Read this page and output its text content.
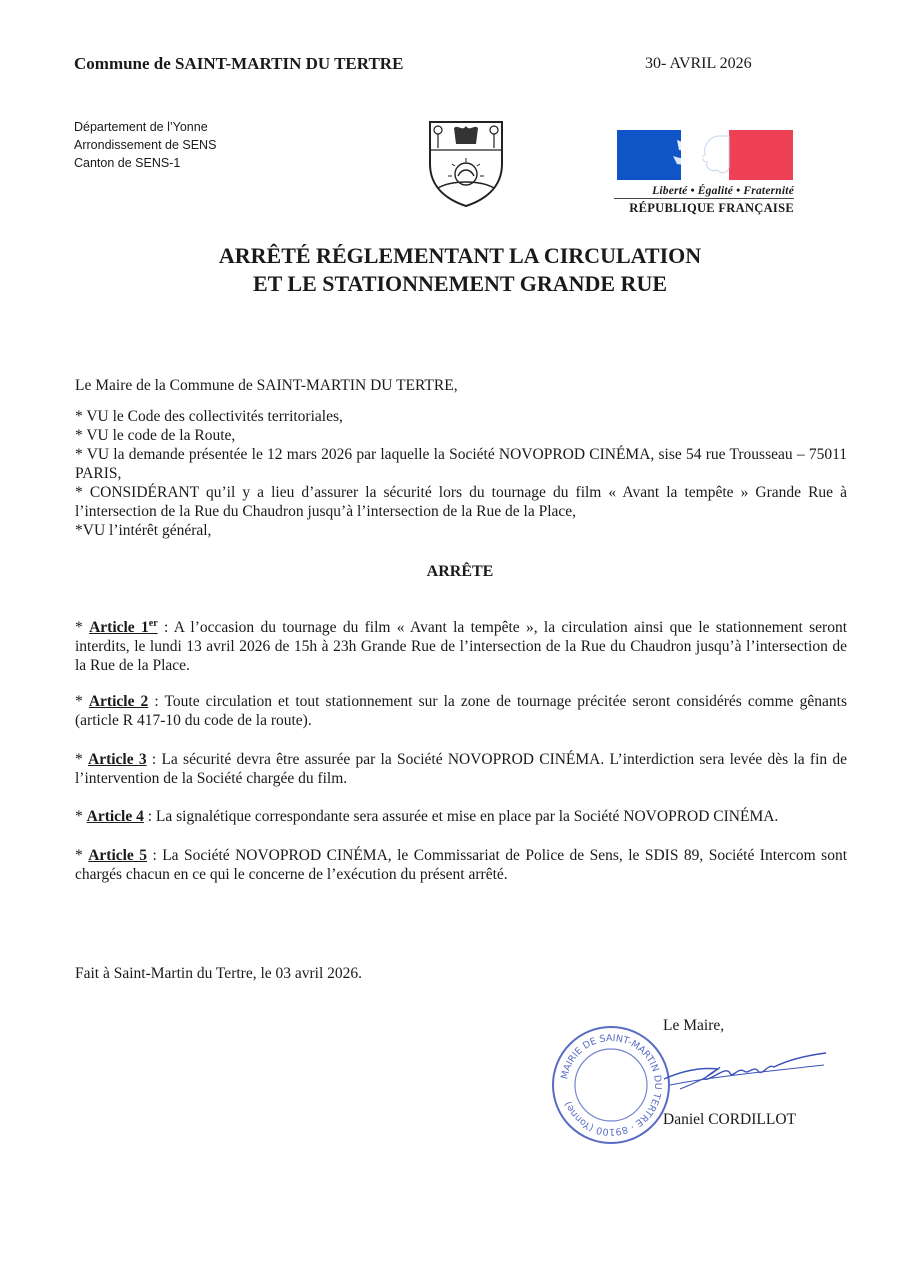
Commune de SAINT-MARTIN DU TERTRE	30- AVRIL 2026
Département de l’Yonne
Arrondissement de SENS
Canton de SENS-1
Liberté • Égalité • Fraternité
RÉPUBLIQUE FRANÇAISE
ARRÊTÉ RÉGLEMENTANT LA CIRCULATION
ET LE STATIONNEMENT GRANDE RUE
Le Maire de la Commune de SAINT-MARTIN DU TERTRE,
* VU le Code des collectivités territoriales,
* VU le code de la Route,
* VU la demande présentée le 12 mars 2026 par laquelle la Société NOVOPROD CINÉMA, sise 54 rue Trousseau – 75011 PARIS,
* CONSIDÉRANT qu’il y a lieu d’assurer la sécurité lors du tournage du film « Avant la tempête » Grande Rue à l’intersection de la Rue du Chaudron jusqu’à l’intersection de la Rue de la Place,
*VU l’intérêt général,
ARRÊTE
* Article 1er : A l’occasion du tournage du film « Avant la tempête », la circulation ainsi que le stationnement seront interdits, le lundi 13 avril 2026 de 15h à 23h Grande Rue de l’intersection de la Rue du Chaudron jusqu’à l’intersection de la Rue de la Place.
* Article 2 : Toute circulation et tout stationnement sur la zone de tournage précitée seront considérés comme gênants (article R 417-10 du code de la route).
* Article 3 : La sécurité devra être assurée par la Société NOVOPROD CINÉMA. L’interdiction sera levée dès la fin de l’intervention de la Société chargée du film.
* Article 4 : La signalétique correspondante sera assurée et mise en place par la Société NOVOPROD CINÉMA.
* Article 5 : La Société NOVOPROD CINÉMA, le Commissariat de Police de Sens, le SDIS 89, Société Intercom sont chargés chacun en ce qui le concerne de l’exécution du présent arrêté.
Fait à Saint-Martin du Tertre, le 03 avril 2026.
Le Maire,
MAIRIE DE SAINT-MARTIN DU TERTRE · 89100 (Yonne)
Daniel CORDILLOT
